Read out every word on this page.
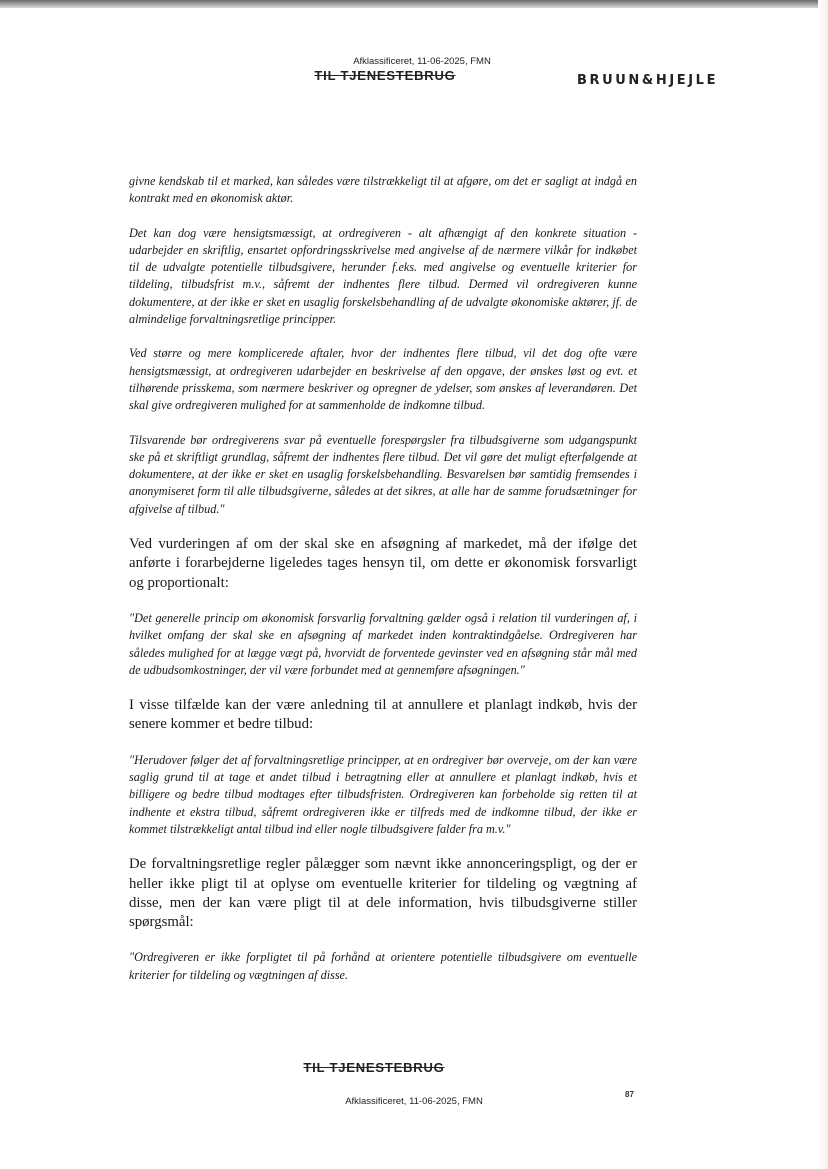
Afklassificeret, 11-06-2025, FMN
TIL TJENESTEBRUG	BRUUN&HJEJLE

givne kendskab til et marked, kan således være tilstrækkeligt til at afgøre, om det er sagligt at indgå en kontrakt med en økonomisk aktør.

Det kan dog være hensigtsmæssigt, at ordregiveren - alt afhængigt af den konkrete situation - udarbejder en skriftlig, ensartet opfordringsskrivelse med angivelse af de nærmere vilkår for indkøbet til de udvalgte potentielle tilbudsgivere, herunder f.eks. med angivelse og eventuelle kriterier for tildeling, tilbudsfrist m.v., såfremt der indhentes flere tilbud. Dermed vil ordregiveren kunne dokumentere, at der ikke er sket en usaglig forskelsbehandling af de udvalgte økonomiske aktører, jf. de almindelige forvaltningsretlige principper.

Ved større og mere komplicerede aftaler, hvor der indhentes flere tilbud, vil det dog ofte være hensigtsmæssigt, at ordregiveren udarbejder en beskrivelse af den opgave, der ønskes løst og evt. et tilhørende prisskema, som nærmere beskriver og opregner de ydelser, som ønskes af leverandøren. Det skal give ordregiveren mulighed for at sammenholde de indkomne tilbud.

Tilsvarende bør ordregiverens svar på eventuelle forespørgsler fra tilbudsgiverne som udgangspunkt ske på et skriftligt grundlag, såfremt der indhentes flere tilbud. Det vil gøre det muligt efterfølgende at dokumentere, at der ikke er sket en usaglig forskelsbehandling. Besvarelsen bør samtidig fremsendes i anonymiseret form til alle tilbudsgiverne, således at det sikres, at alle har de samme forudsætninger for afgivelse af tilbud."

Ved vurderingen af om der skal ske en afsøgning af markedet, må der ifølge det anførte i forarbejderne ligeledes tages hensyn til, om dette er økonomisk forsvarligt og proportionalt:

"Det generelle princip om økonomisk forsvarlig forvaltning gælder også i relation til vurderingen af, i hvilket omfang der skal ske en afsøgning af markedet inden kontraktindgåelse. Ordregiveren har således mulighed for at lægge vægt på, hvorvidt de forventede gevinster ved en afsøgning står mål med de udbudsomkostninger, der vil være forbundet med at gennemføre afsøgningen."

I visse tilfælde kan der være anledning til at annullere et planlagt indkøb, hvis der senere kommer et bedre tilbud:

"Herudover følger det af forvaltningsretlige principper, at en ordregiver bør overveje, om der kan være saglig grund til at tage et andet tilbud i betragtning eller at annullere et planlagt indkøb, hvis et billigere og bedre tilbud modtages efter tilbudsfristen. Ordregiveren kan forbeholde sig retten til at indhente et ekstra tilbud, såfremt ordregiveren ikke er tilfreds med de indkomne tilbud, der ikke er kommet tilstrækkeligt antal tilbud ind eller nogle tilbudsgivere falder fra m.v."

De forvaltningsretlige regler pålægger som nævnt ikke annonceringspligt, og der er heller ikke pligt til at oplyse om eventuelle kriterier for tildeling og vægtning af disse, men der kan være pligt til at dele information, hvis tilbudsgiverne stiller spørgsmål:

"Ordregiveren er ikke forpligtet til på forhånd at orientere potentielle tilbudsgivere om eventuelle kriterier for tildeling og vægtningen af disse.

TIL TJENESTEBRUG
87
Afklassificeret, 11-06-2025, FMN
